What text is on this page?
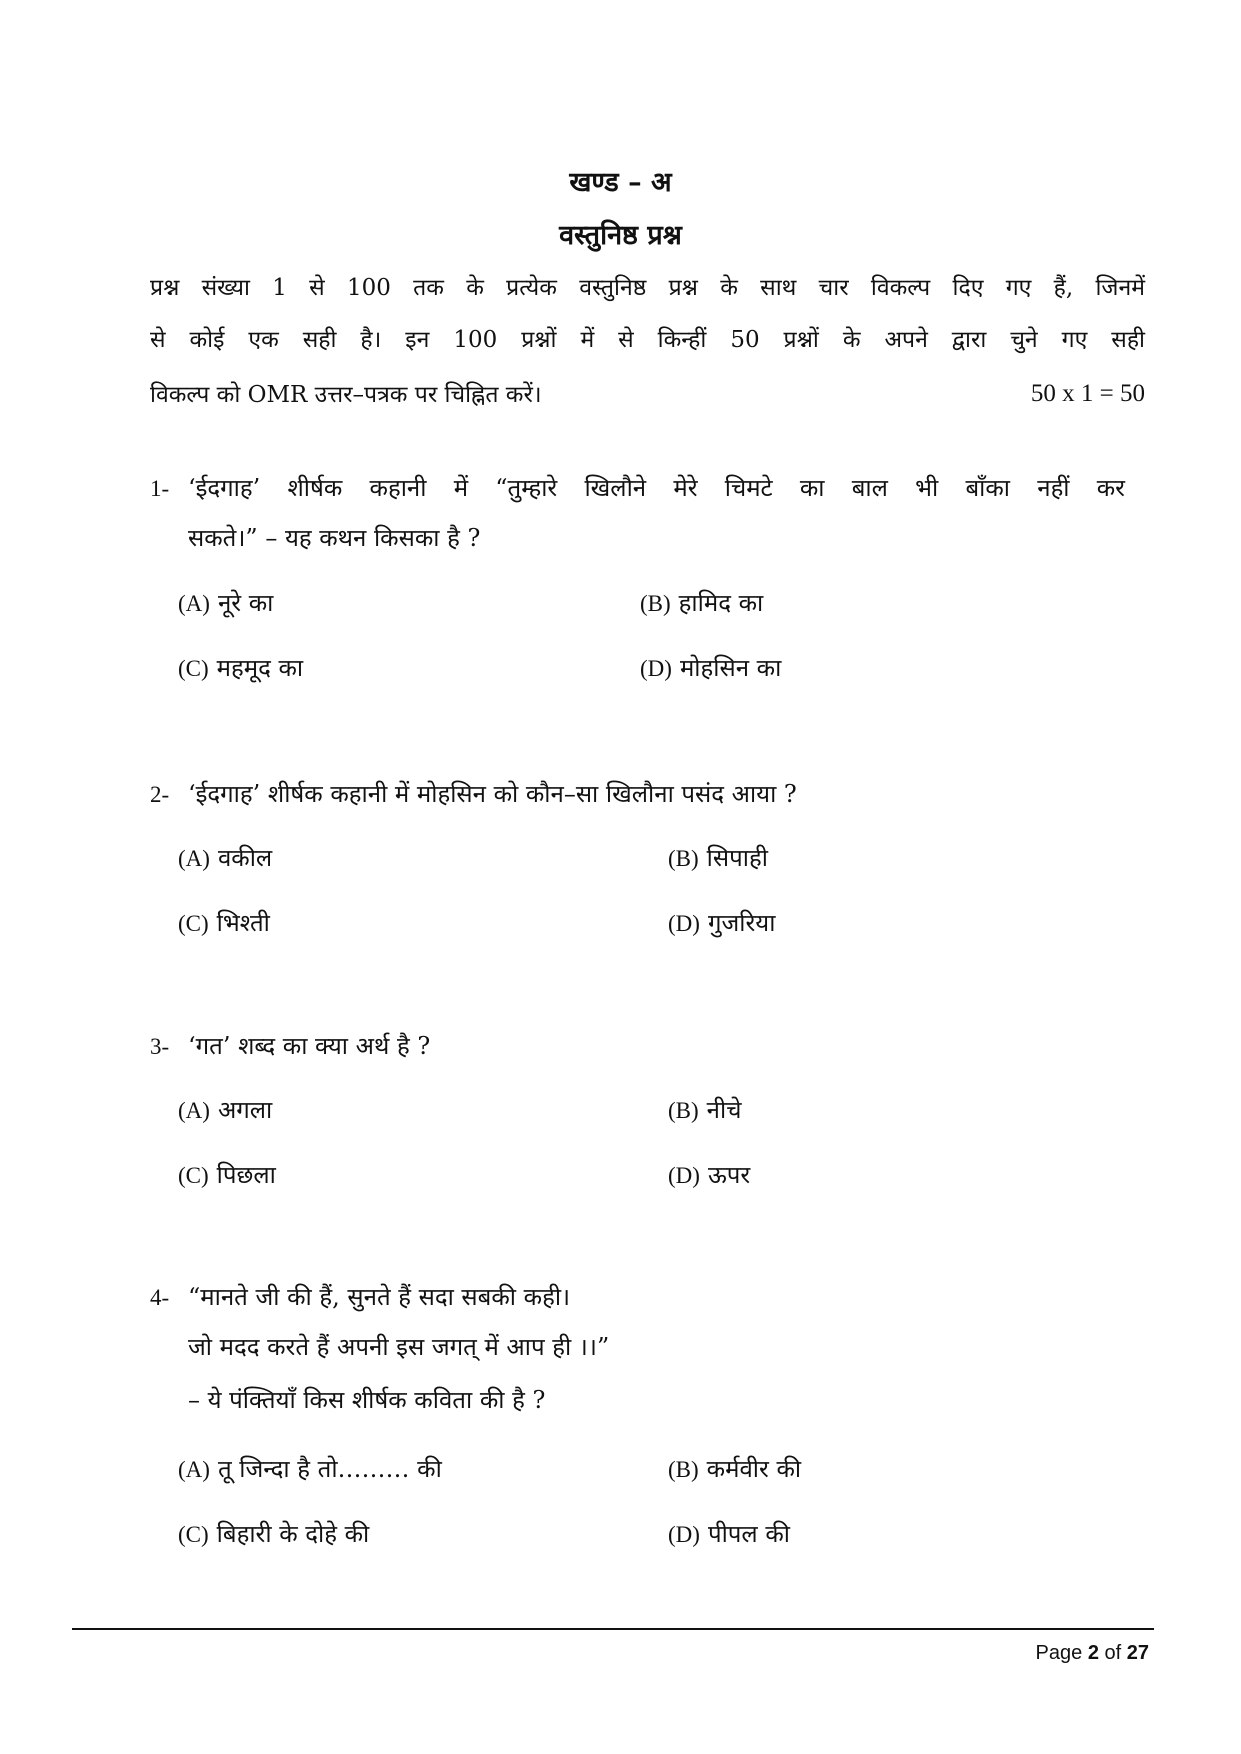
खण्ड – अ
वस्तुनिष्ठ प्रश्न
प्रश्न संख्या 1 से 100 तक के प्रत्येक वस्तुनिष्ठ प्रश्न के साथ चार विकल्प दिए गए हैं, जिनमें
से कोई एक सही है। इन 100 प्रश्नों में से किन्हीं 50 प्रश्नों के अपने द्वारा चुने गए सही
विकल्प को OMR उत्तर–पत्रक पर चिह्नित करें।	50 x 1 = 50
1- ‘ईदगाह’ शीर्षक कहानी में “तुम्हारे खिलौने मेरे चिमटे का बाल भी बाँका नहीं कर
सकते।” – यह कथन किसका है ?
(A) नूरे का	(B) हामिद का
(C) महमूद का	(D) मोहसिन का
2- ‘ईदगाह’ शीर्षक कहानी में मोहसिन को कौन–सा खिलौना पसंद आया ?
(A) वकील	(B) सिपाही
(C) भिश्ती	(D) गुजरिया
3- ‘गत’ शब्द का क्या अर्थ है ?
(A) अगला	(B) नीचे
(C) पिछला	(D) ऊपर
4- “मानते जी की हैं, सुनते हैं सदा सबकी कही।
जो मदद करते हैं अपनी इस जगत् में आप ही ।।”
– ये पंक्तियाँ किस शीर्षक कविता की है ?
(A) तू जिन्दा है तो……… की	(B) कर्मवीर की
(C) बिहारी के दोहे की	(D) पीपल की
Page 2 of 27
